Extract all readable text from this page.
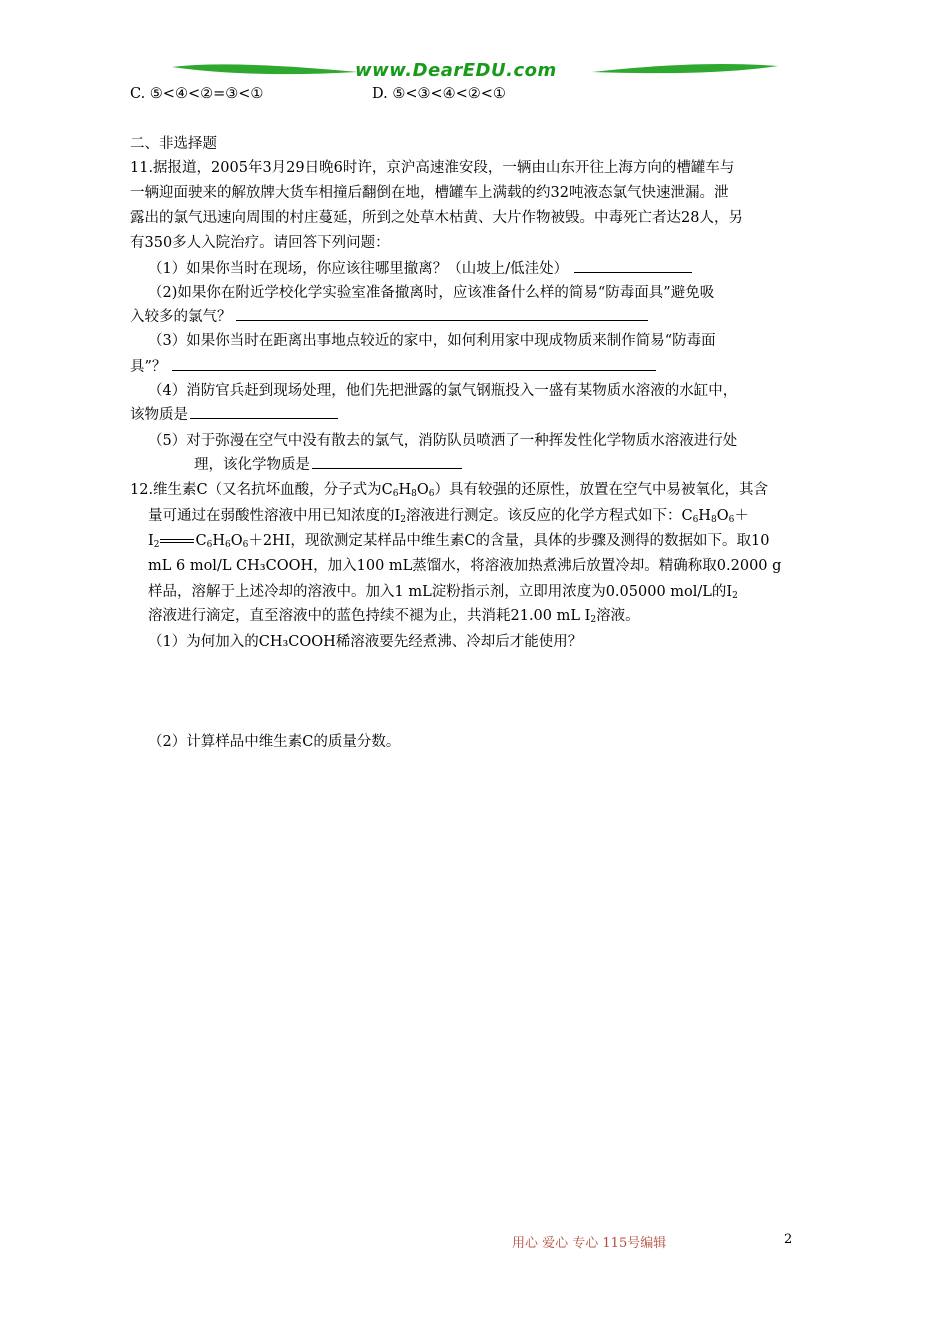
www.DearEDU.com
C. ⑤<④<②=③<①	D. ⑤<③<④<②<①
二、非选择题
11.据报道，2005年3月29日晚6时许，京沪高速淮安段，一辆由山东开往上海方向的槽罐车与
一辆迎面驶来的解放牌大货车相撞后翻倒在地，槽罐车上满载的约32吨液态氯气快速泄漏。泄
露出的氯气迅速向周围的村庄蔓延，所到之处草木枯黄、大片作物被毁。中毒死亡者达28人，另
有350多人入院治疗。请回答下列问题：
（1）如果你当时在现场，你应该往哪里撤离？（山坡上/低洼处）
（2)如果你在附近学校化学实验室准备撤离时，应该准备什么样的简易“防毒面具”避免吸
入较多的氯气？
（3）如果你当时在距离出事地点较近的家中，如何利用家中现成物质来制作简易“防毒面
具”？
（4）消防官兵赶到现场处理，他们先把泄露的氯气钢瓶投入一盛有某物质水溶液的水缸中，
该物质是
（5）对于弥漫在空气中没有散去的氯气，消防队员喷洒了一种挥发性化学物质水溶液进行处
理，该化学物质是
12.维生素C（又名抗坏血酸，分子式为$C_6H_8O_6$）具有较强的还原性，放置在空气中易被氧化，其含
量可通过在弱酸性溶液中用已知浓度的$I_2$溶液进行测定。该反应的化学方程式如下：$C_6H_8O_6+$
$I_2$ $C_6H_6O_6+2HI$，现欲测定某样品中维生素C的含量，具体的步骤及测得的数据如下。取10
mL 6 mol/L CH₃COOH，加入100 mL蒸馏水，将溶液加热煮沸后放置冷却。精确称取0.2000 g
样品，溶解于上述冷却的溶液中。加入1 mL淀粉指示剂，立即用浓度为0.05000 mol/L的$I_2$
溶液进行滴定，直至溶液中的蓝色持续不褪为止，共消耗21.00 mL $I_2$溶液。
（1）为何加入的CH₃COOH稀溶液要先经煮沸、冷却后才能使用？
（2）计算样品中维生素C的质量分数。
用心 爱心 专心 115号编辑	2
